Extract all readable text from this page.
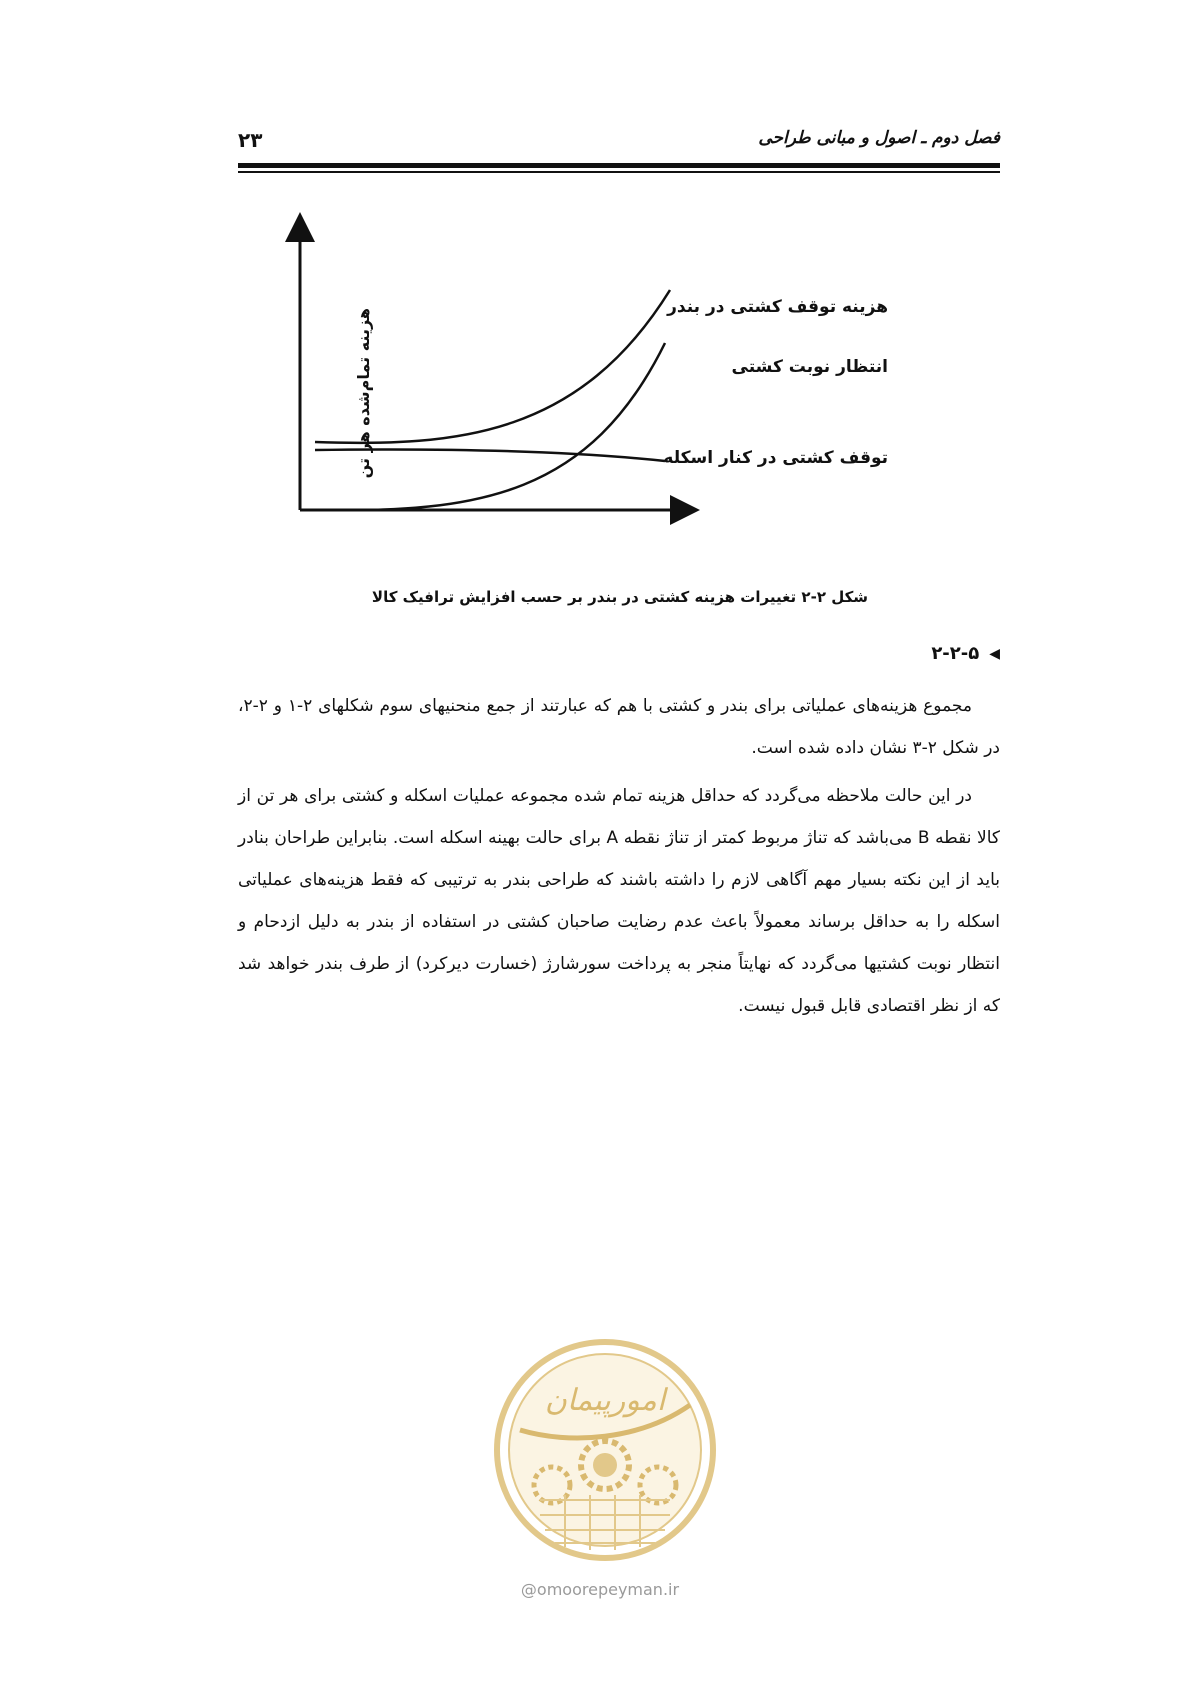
فصل دوم ـ اصول و مبانی طراحی
۲۳
هزینه تمام‌شده هر تن
هزینه توقف کشتی در بندر
انتظار نوبت کشتی
توقف کشتی در کنار اسکله
شکل ۲-۲ تغییرات هزینه کشتی در بندر بر حسب افزایش ترافیک کالا
◀
۲-۲-۵

مجموع هزینه‌های عملیاتی برای بندر و کشتی با هم که عبارتند از جمع منحنیهای سوم شکلهای ۲-۱ و ۲-۲، در شکل ۲-۳ نشان داده شده است.

در این حالت ملاحظه می‌گردد که حداقل هزینه تمام شده مجموعه عملیات اسکله و کشتی برای هر تن از کالا نقطه B می‌باشد که تناژ مربوط کمتر از تناژ نقطه A برای حالت بهینه اسکله است. بنابراین طراحان بنادر باید از این نکته بسیار مهم آگاهی لازم را داشته باشند که طراحی بندر به ترتیبی که فقط هزینه‌های عملیاتی اسکله را به حداقل برساند معمولاً باعث عدم رضایت صاحبان کشتی در استفاده از بندر به دلیل ازدحام و انتظار نوبت کشتیها می‌گردد که نهایتاً منجر به پرداخت سورشارژ (خسارت دیرکرد) از طرف بندر خواهد شد که از نظر اقتصادی قابل قبول نیست.

امورپیمان
@omoorepeyman.ir
